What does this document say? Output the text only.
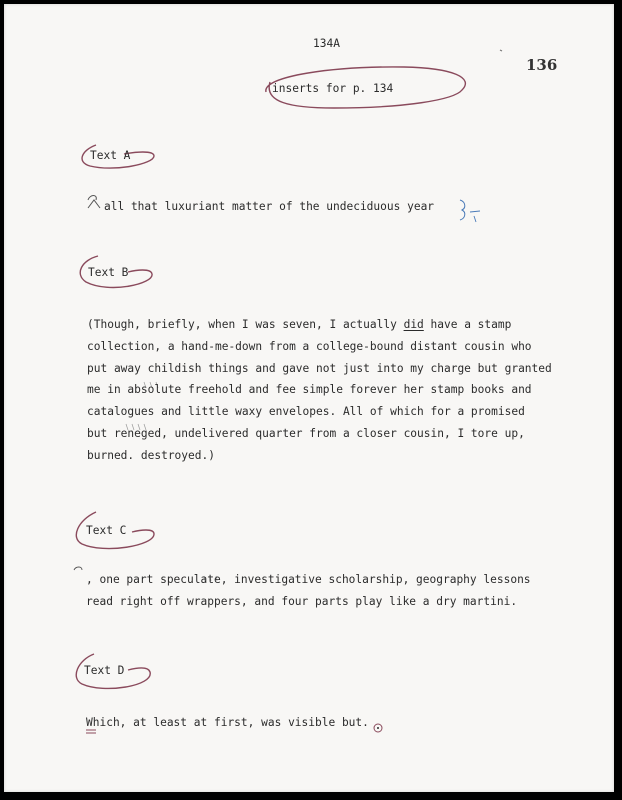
134A
136
inserts for p. 134
Text A
all that luxuriant matter of the undeciduous year
Text B
(Though, briefly, when I was seven, I actually did have a stamp
collection, a hand-me-down from a college-bound distant cousin who
put away childish things and gave not just into my charge but granted
me in absolute freehold and fee simple forever her stamp books and
catalogues and little waxy envelopes. All of which for a promised
but reneged, undelivered quarter from a closer cousin, I tore up,
burned. destroyed.)
Text C
, one part speculate, investigative scholarship, geography lessons
read right off wrappers, and four parts play like a dry martini.
Text D
Which, at least at first, was visible but.
